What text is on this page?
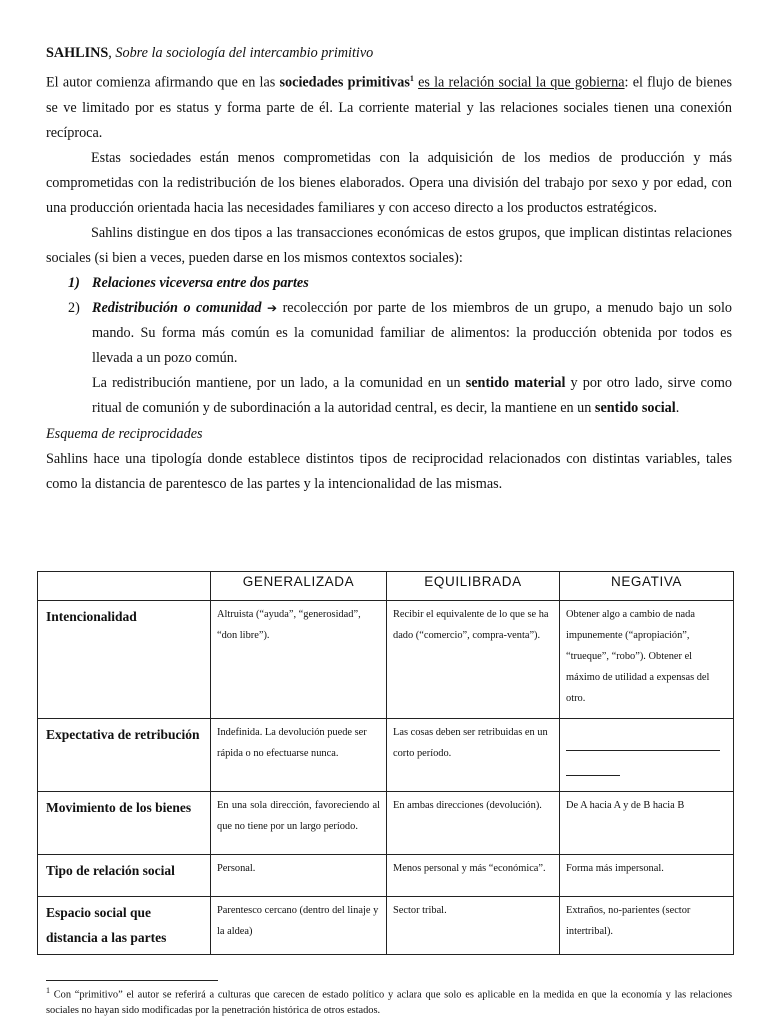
SAHLINS, Sobre la sociología del intercambio primitivo

El autor comienza afirmando que en las sociedades primitivas$^1$ es la relación social la que gobierna: el flujo de bienes se ve limitado por es status y forma parte de él. La corriente material y las relaciones sociales tienen una conexión recíproca.

Estas sociedades están menos comprometidas con la adquisición de los medios de producción y más comprometidas con la redistribución de los bienes elaborados. Opera una división del trabajo por sexo y por edad, con una producción orientada hacia las necesidades familiares y con acceso directo a los productos estratégicos.

Sahlins distingue en dos tipos a las transacciones económicas de estos grupos, que implican distintas relaciones sociales (si bien a veces, pueden darse en los mismos contextos sociales):

1) Relaciones viceversa entre dos partes
2) Redistribución o comunidad ➔ recolección por parte de los miembros de un grupo, a menudo bajo un solo mando. Su forma más común es la comunidad familiar de alimentos: la producción obtenida por todos es llevada a un pozo común.

La redistribución mantiene, por un lado, a la comunidad en un sentido material y por otro lado, sirve como ritual de comunión y de subordinación a la autoridad central, es decir, la mantiene en un sentido social.

Esquema de reciprocidades

Sahlins hace una tipología donde establece distintos tipos de reciprocidad relacionados con distintas variables, tales como la distancia de parentesco de las partes y la intencionalidad de las mismas.

	GENERALIZADA	EQUILIBRADA	NEGATIVA
Intencionalidad	Altruista (“ayuda”, “generosidad”, “don libre”).	Recibir el equivalente de lo que se ha dado (“comercio”, compra-venta”).	Obtener algo a cambio de nada impunemente (“apropiación”, “trueque”, “robo”). Obtener el máximo de utilidad a expensas del otro.
Expectativa de retribución	Indefinida. La devolución puede ser rápida o no efectuarse nunca.	Las cosas deben ser retribuidas en un corto período.	

Movimiento de los bienes	En una sola dirección, favoreciendo al que no tiene por un largo período.	En ambas direcciones (devolución).	De A hacia A y de B hacia B
Tipo de relación social	Personal.	Menos personal y más “económica”.	Forma más impersonal.
Espacio social que distancia a las partes	Parentesco cercano (dentro del linaje y la aldea)	Sector tribal.	Extraños, no-parientes (sector intertribal).
$^1$ Con “primitivo” el autor se referirá a culturas que carecen de estado político y aclara que solo es aplicable en la medida en que la economía y las relaciones sociales no hayan sido modificadas por la penetración histórica de otros estados.
